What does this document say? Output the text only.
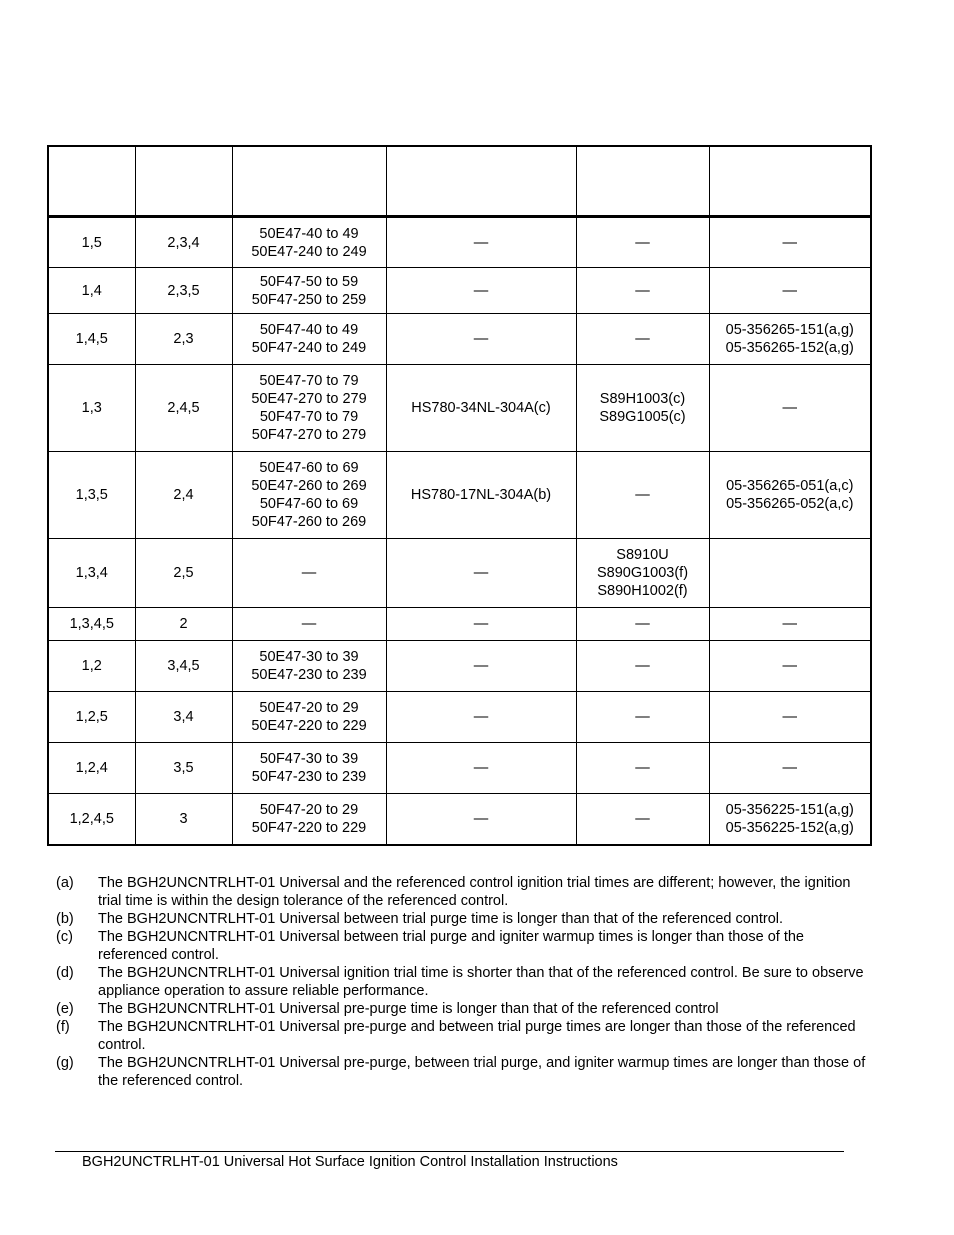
1,5	2,3,4	50E47-40 to 49
50E47-240 to 249	—	—	—

1,4	2,3,5	50F47-50 to 59
50F47-250 to 259	—	—	—

1,4,5	2,3	50F47-40 to 49
50F47-240 to 249	—	—	05-356265-151(a,g)
05-356265-152(a,g)

1,3	2,4,5	50E47-70 to 79
50E47-270 to 279
50F47-70 to 79
50F47-270 to 279	HS780-34NL-304A(c)	S89H1003(c)
S89G1005(c)	—

1,3,5	2,4	50E47-60 to 69
50E47-260 to 269
50F47-60 to 69
50F47-260 to 269	HS780-17NL-304A(b)	—	05-356265-051(a,c)
05-356265-052(a,c)

1,3,4	2,5	—	—	S8910U
S890G1003(f)
S890H1002(f)	

1,3,4,5	2	—	—	—	—

1,2	3,4,5	50E47-30 to 39
50E47-230 to 239	—	—	—

1,2,5	3,4	50E47-20 to 29
50E47-220 to 229	—	—	—

1,2,4	3,5	50F47-30 to 39
50F47-230 to 239	—	—	—

1,2,4,5	3	50F47-20 to 29
50F47-220 to 229	—	—	05-356225-151(a,g)
05-356225-152(a,g)
(a)	The BGH2UNCNTRLHT-01 Universal and the referenced control ignition trial times are different; however, the ignition trial time is within the design tolerance of the referenced control.
(b)	The BGH2UNCNTRLHT-01 Universal between trial purge time is longer than that of the referenced control.
(c)	The BGH2UNCNTRLHT-01 Universal between trial purge and igniter warmup times is longer than those of the referenced control.
(d)	The BGH2UNCNTRLHT-01 Universal ignition trial time is shorter than that of the referenced control. Be sure to observe appliance operation to assure reliable performance.
(e)	The BGH2UNCNTRLHT-01 Universal pre-purge time is longer than that of the referenced control
(f)	The BGH2UNCNTRLHT-01 Universal pre-purge and between trial purge times are longer than those of the referenced control.
(g)	The BGH2UNCNTRLHT-01 Universal pre-purge, between trial purge, and igniter warmup times are longer than those of the referenced control.
BGH2UNCTRLHT-01 Universal Hot Surface Ignition Control Installation Instructions
